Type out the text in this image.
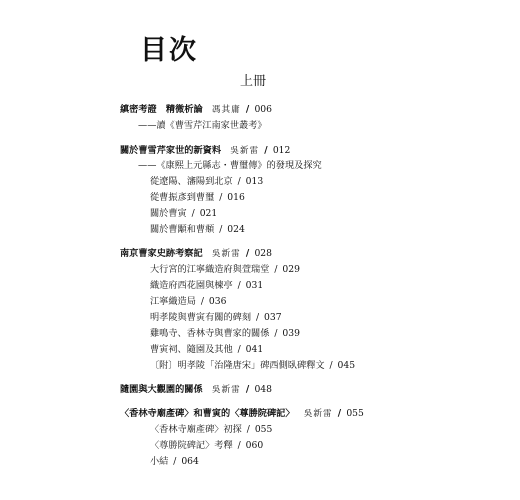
目次
上冊
縝密考證　精微析論 馮其庸 / 006
——讀《曹雪芹江南家世叢考》
關於曹雪芹家世的新資料 吳新雷 / 012
——《康熙上元縣志・曹璽傳》的發現及探究
從遼陽、瀋陽到北京 / 013
從曹振彥到曹璽 / 016
關於曹寅 / 021
關於曹顒和曹頫 / 024
南京曹家史跡考察記 吳新雷 / 028
大行宮的江寧織造府與萱瑞堂 / 029
織造府西花園與楝亭 / 031
江寧織造局 / 036
明孝陵與曹寅有關的碑刻 / 037
雞鳴寺、香林寺與曹家的關係 / 039
曹寅祠、隨園及其他 / 041
〔附〕明孝陵「治隆唐宋」碑西側臥碑釋文 / 045
隨園與大觀園的關係 吳新雷 / 048
〈香林寺廟產碑〉和曹寅的〈尊勝院碑記〉 吳新雷 / 055
〈香林寺廟產碑〉初探 / 055
〈尊勝院碑記〉考釋 / 060
小結 / 064
